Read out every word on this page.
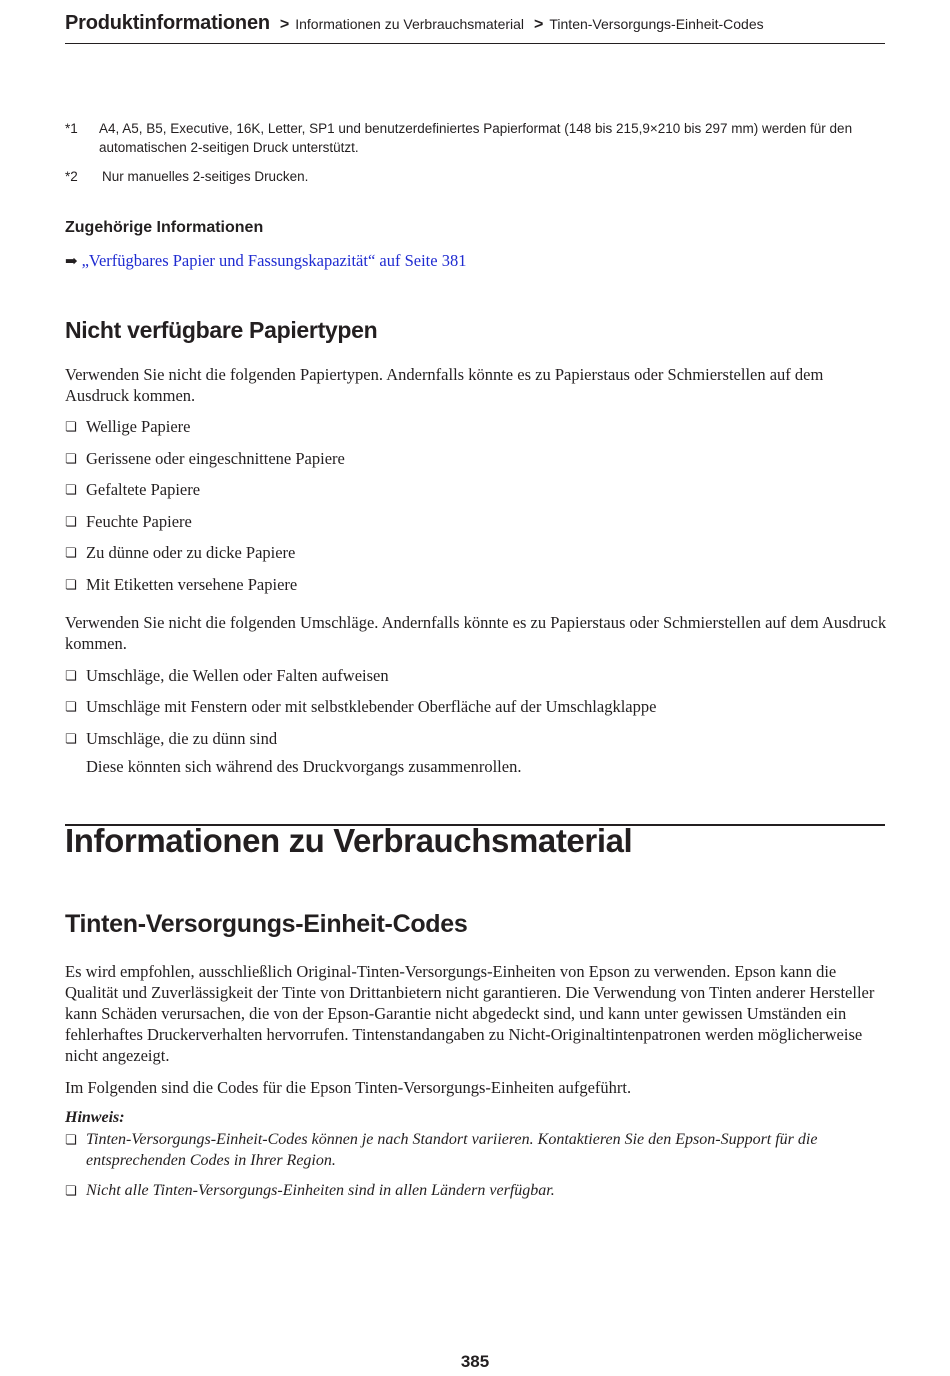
Produktinformationen > Informationen zu Verbrauchsmaterial > Tinten-Versorgungs-Einheit-Codes
*1 A4, A5, B5, Executive, 16K, Letter, SP1 und benutzerdefiniertes Papierformat (148 bis 215,9×210 bis 297 mm) werden für den automatischen 2-seitigen Druck unterstützt.
*2 Nur manuelles 2-seitiges Drucken.
Zugehörige Informationen
➡ „Verfügbares Papier und Fassungskapazität“ auf Seite 381
Nicht verfügbare Papiertypen
Verwenden Sie nicht die folgenden Papiertypen. Andernfalls könnte es zu Papierstaus oder Schmierstellen auf dem Ausdruck kommen.
❏ Wellige Papiere
❏ Gerissene oder eingeschnittene Papiere
❏ Gefaltete Papiere
❏ Feuchte Papiere
❏ Zu dünne oder zu dicke Papiere
❏ Mit Etiketten versehene Papiere
Verwenden Sie nicht die folgenden Umschläge. Andernfalls könnte es zu Papierstaus oder Schmierstellen auf dem Ausdruck kommen.
❏ Umschläge, die Wellen oder Falten aufweisen
❏ Umschläge mit Fenstern oder mit selbstklebender Oberfläche auf der Umschlagklappe
❏ Umschläge, die zu dünn sind
Diese könnten sich während des Druckvorgangs zusammenrollen.
Informationen zu Verbrauchsmaterial
Tinten-Versorgungs-Einheit-Codes
Es wird empfohlen, ausschließlich Original-Tinten-Versorgungs-Einheiten von Epson zu verwenden. Epson kann die Qualität und Zuverlässigkeit der Tinte von Drittanbietern nicht garantieren. Die Verwendung von Tinten anderer Hersteller kann Schäden verursachen, die von der Epson-Garantie nicht abgedeckt sind, und kann unter gewissen Umständen ein fehlerhaftes Druckerverhalten hervorrufen. Tintenstandangaben zu Nicht-Originaltintenpatronen werden möglicherweise nicht angezeigt.
Im Folgenden sind die Codes für die Epson Tinten-Versorgungs-Einheiten aufgeführt.
Hinweis:
❏ Tinten-Versorgungs-Einheit-Codes können je nach Standort variieren. Kontaktieren Sie den Epson-Support für die entsprechenden Codes in Ihrer Region.
❏ Nicht alle Tinten-Versorgungs-Einheiten sind in allen Ländern verfügbar.
385
